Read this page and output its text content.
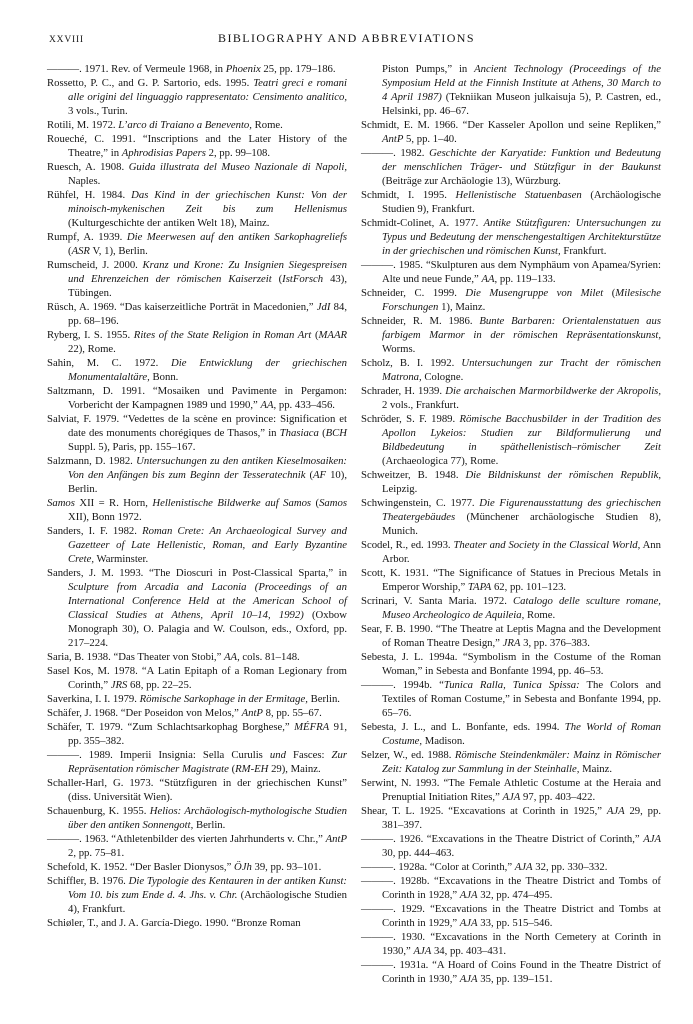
XXVIII	BIBLIOGRAPHY AND ABBREVIATIONS

———. 1971. Rev. of Vermeule 1968, in Phoenix 25, pp. 179–186.

Rossetto, P. C., and G. P. Sartorio, eds. 1995. Teatri greci e romani alle origini del linguaggio rappresentato: Censimento analitico, 3 vols., Turin.

Rotili, M. 1972. L’arco di Traiano a Benevento, Rome.

Roueché, C. 1991. “Inscriptions and the Later History of the Theatre,” in Aphrodisias Papers 2, pp. 99–108.

Ruesch, A. 1908. Guida illustrata del Museo Nazionale di Napoli, Naples.

Rühfel, H. 1984. Das Kind in der griechischen Kunst: Von der minoisch-mykenischen Zeit bis zum Hellenismus (Kulturgeschichte der antiken Welt 18), Mainz.

Rumpf, A. 1939. Die Meerwesen auf den antiken Sarkophagreliefs (ASR V, 1), Berlin.

Rumscheid, J. 2000. Kranz und Krone: Zu Insignien Siegespreisen und Ehrenzeichen der römischen Kaiserzeit (IstForsch 43), Tübingen.

Rüsch, A. 1969. “Das kaiserzeitliche Porträt in Macedonien,” JdI 84, pp. 68–196.

Ryberg, I. S. 1955. Rites of the State Religion in Roman Art (MAAR 22), Rome.

Sahin, M. C. 1972. Die Entwicklung der griechischen Monumentalaltäre, Bonn.

Saltzmann, D. 1991. “Mosaiken und Pavimente in Pergamon: Vorbericht der Kampagnen 1989 und 1990,” AA, pp. 433–456.

Salviat, F. 1979. “Vedettes de la scène en province: Signification et date des monuments chorégiques de Thasos,” in Thasiaca (BCH Suppl. 5), Paris, pp. 155–167.

Salzmann, D. 1982. Untersuchungen zu den antiken Kieselmosaiken: Von den Anfängen bis zum Beginn der Tesseratechnik (AF 10), Berlin.

Samos XII = R. Horn, Hellenistische Bildwerke auf Samos (Samos XII), Bonn 1972.

Sanders, I. F. 1982. Roman Crete: An Archaeological Survey and Gazetteer of Late Hellenistic, Roman, and Early Byzantine Crete, Warminster.

Sanders, J. M. 1993. “The Dioscuri in Post-Classical Sparta,” in Sculpture from Arcadia and Laconia (Proceedings of an International Conference Held at the American School of Classical Studies at Athens, April 10–14, 1992) (Oxbow Monograph 30), O. Palagia and W. Coulson, eds., Oxford, pp. 217–224.

Saria, B. 1938. “Das Theater von Stobi,” AA, cols. 81–148.

Sasel Kos, M. 1978. “A Latin Epitaph of a Roman Legionary from Corinth,” JRS 68, pp. 22–25.

Saverkina, I. I. 1979. Römische Sarkophage in der Ermitage, Berlin.

Schäfer, J. 1968. “Der Poseidon von Melos,” AntP 8, pp. 55–67.

Schäfer, T. 1979. “Zum Schlachtsarkophag Borghese,” MÉFRA 91, pp. 355–382.

———. 1989. Imperii Insignia: Sella Curulis und Fasces: Zur Repräsentation römischer Magistrate (RM-EH 29), Mainz.

Schaller-Harl, G. 1973. “Stützfiguren in der griechischen Kunst” (diss. Universität Wien).

Schauenburg, K. 1955. Helios: Archäologisch-mythologische Studien über den antiken Sonnengott, Berlin.

———. 1963. “Athletenbilder des vierten Jahrhunderts v. Chr.,” AntP 2, pp. 75–81.

Schefold, K. 1952. “Der Basler Dionysos,” ÖJh 39, pp. 93–101.

Schiffler, B. 1976. Die Typologie des Kentauren in der antiken Kunst: Vom 10. bis zum Ende d. 4. Jhs. v. Chr. (Archäologische Studien 4), Frankfurt.

Schiøler, T., and J. A. García-Diego. 1990. “Bronze Roman

Piston Pumps,” in Ancient Technology (Proceedings of the Symposium Held at the Finnish Institute at Athens, 30 March to 4 April 1987) (Tekniikan Museon julkaisuja 5), P. Castren, ed., Helsinki, pp. 46–67.

Schmidt, E. M. 1966. “Der Kasseler Apollon und seine Repliken,” AntP 5, pp. 1–40.

———. 1982. Geschichte der Karyatide: Funktion und Bedeutung der menschlichen Träger- und Stützfigur in der Baukunst (Beiträge zur Archäologie 13), Würzburg.

Schmidt, I. 1995. Hellenistische Statuenbasen (Archäologische Studien 9), Frankfurt.

Schmidt-Colinet, A. 1977. Antike Stützfiguren: Untersuchungen zu Typus und Bedeutung der menschengestaltigen Architekturstütze in der griechischen und römischen Kunst, Frankfurt.

———. 1985. “Skulpturen aus dem Nymphäum von Apamea/Syrien: Alte und neue Funde,” AA, pp. 119–133.

Schneider, C. 1999. Die Musengruppe von Milet (Milesische Forschungen 1), Mainz.

Schneider, R. M. 1986. Bunte Barbaren: Orientalenstatuen aus farbigem Marmor in der römischen Repräsentationskunst, Worms.

Scholz, B. I. 1992. Untersuchungen zur Tracht der römischen Matrona, Cologne.

Schrader, H. 1939. Die archaischen Marmorbildwerke der Akropolis, 2 vols., Frankfurt.

Schröder, S. F. 1989. Römische Bacchusbilder in der Tradition des Apollon Lykeios: Studien zur Bildformulierung und Bildbedeutung in späthellenistisch–römischer Zeit (Archaeologica 77), Rome.

Schweitzer, B. 1948. Die Bildniskunst der römischen Republik, Leipzig.

Schwingenstein, C. 1977. Die Figurenausstattung des griechischen Theatergebäudes (Münchener archäologische Studien 8), Munich.

Scodel, R., ed. 1993. Theater and Society in the Classical World, Ann Arbor.

Scott, K. 1931. “The Significance of Statues in Precious Metals in Emperor Worship,” TAPA 62, pp. 101–123.

Scrinari, V. Santa Maria. 1972. Catalogo delle sculture romane, Museo Archeologico de Aquileia, Rome.

Sear, F. B. 1990. “The Theatre at Leptis Magna and the Development of Roman Theatre Design,” JRA 3, pp. 376–383.

Sebesta, J. L. 1994a. “Symbolism in the Costume of the Roman Woman,” in Sebesta and Bonfante 1994, pp. 46–53.

———. 1994b. “Tunica Ralla, Tunica Spissa: The Colors and Textiles of Roman Costume,” in Sebesta and Bonfante 1994, pp. 65–76.

Sebesta, J. L., and L. Bonfante, eds. 1994. The World of Roman Costume, Madison.

Selzer, W., ed. 1988. Römische Steindenkmäler: Mainz in Römischer Zeit: Katalog zur Sammlung in der Steinhalle, Mainz.

Serwint, N. 1993. “The Female Athletic Costume at the Heraia and Prenuptial Initiation Rites,” AJA 97, pp. 403–422.

Shear, T. L. 1925. “Excavations at Corinth in 1925,” AJA 29, pp. 381–397.

———. 1926. “Excavations in the Theatre District of Corinth,” AJA 30, pp. 444–463.

———. 1928a. “Color at Corinth,” AJA 32, pp. 330–332.

———. 1928b. “Excavations in the Theatre District and Tombs of Corinth in 1928,” AJA 32, pp. 474–495.

———. 1929. “Excavations in the Theatre District and Tombs at Corinth in 1929,” AJA 33, pp. 515–546.

———. 1930. “Excavations in the North Cemetery at Corinth in 1930,” AJA 34, pp. 403–431.

———. 1931a. “A Hoard of Coins Found in the Theatre District of Corinth in 1930,” AJA 35, pp. 139–151.
